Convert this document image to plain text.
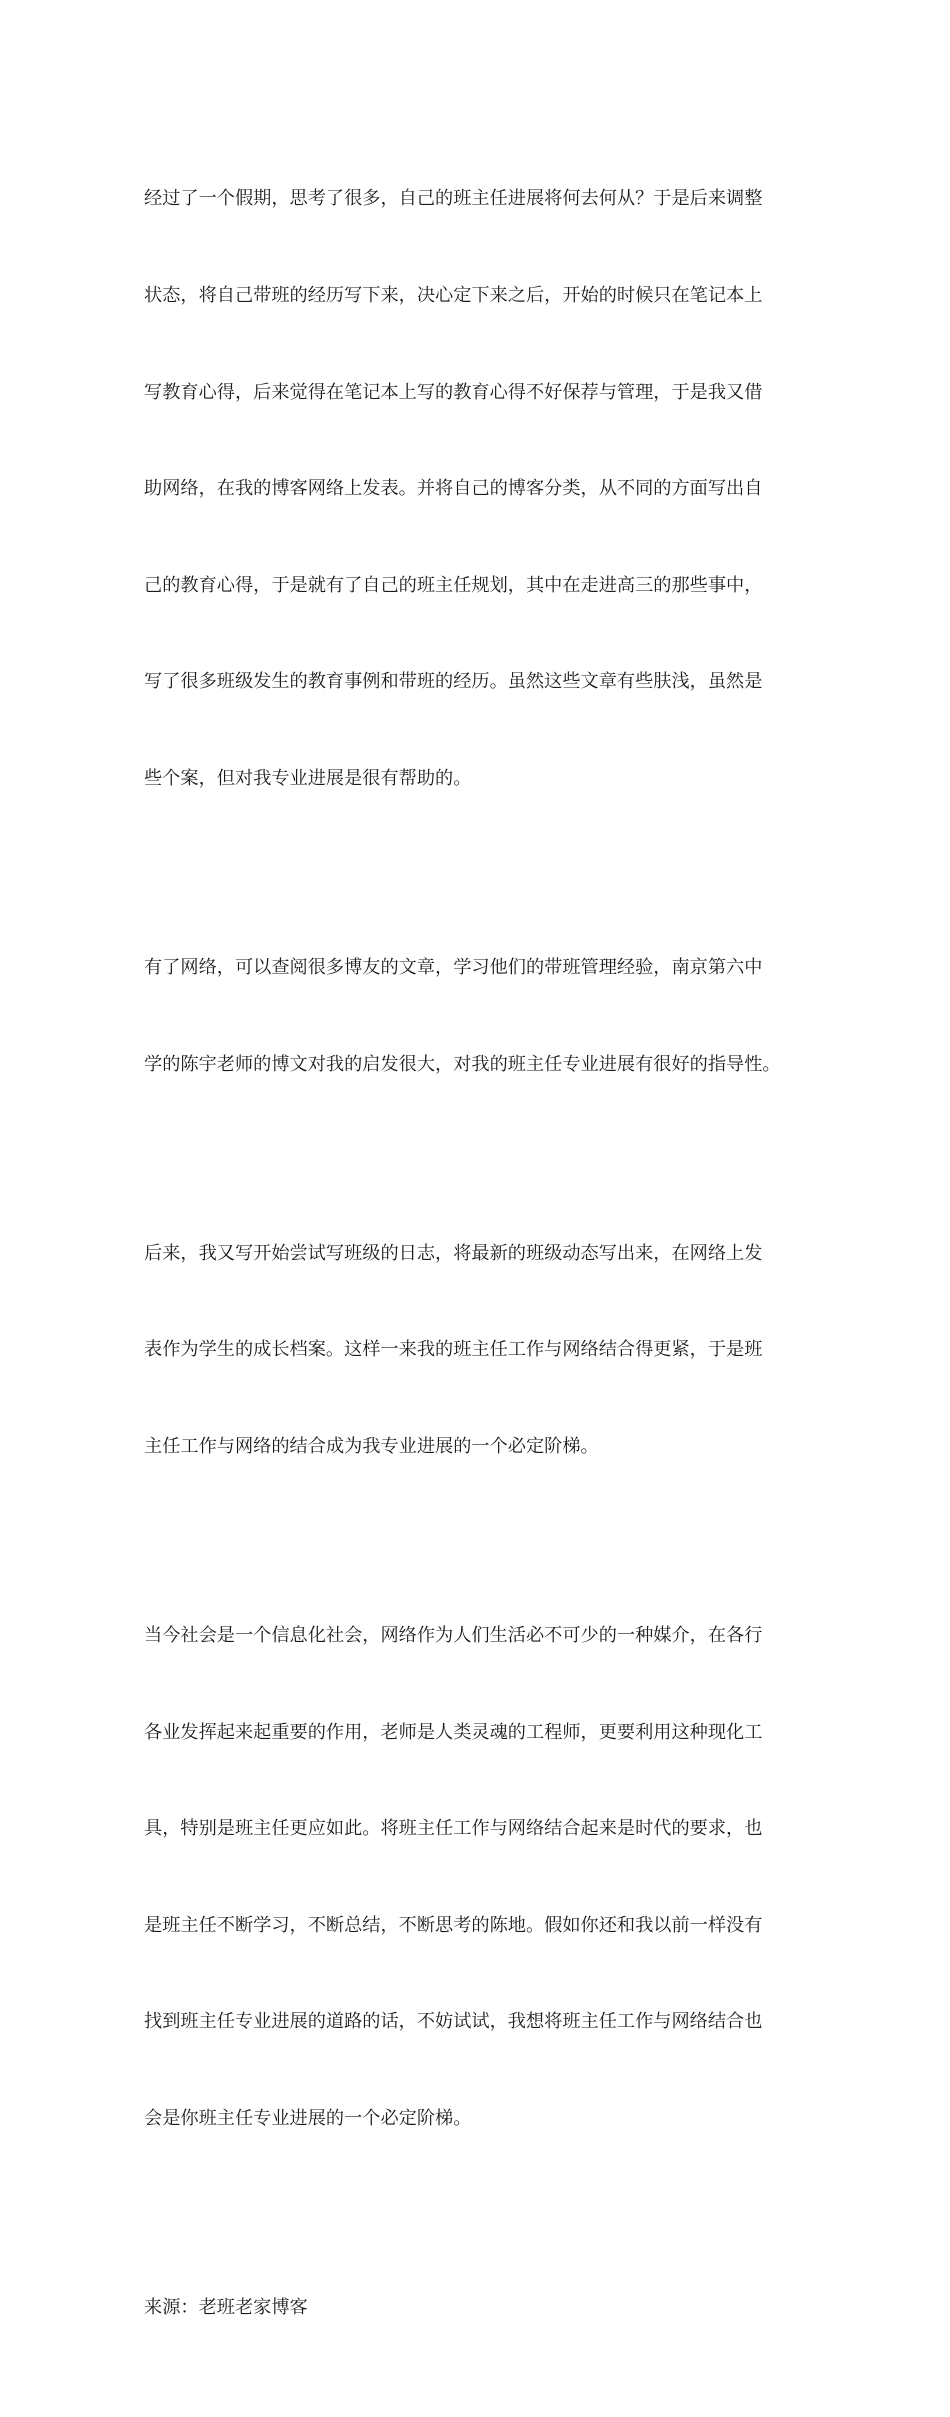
经过了一个假期，思考了很多，自己的班主任进展将何去何从？于是后来调整

状态，将自己带班的经历写下来，决心定下来之后，开始的时候只在笔记本上

写教育心得，后来觉得在笔记本上写的教育心得不好保荐与管理，于是我又借

助网络，在我的博客网络上发表。并将自己的博客分类，从不同的方面写出自

己的教育心得，于是就有了自己的班主任规划，其中在走进高三的那些事中，

写了很多班级发生的教育事例和带班的经历。虽然这些文章有些肤浅，虽然是

些个案，但对我专业进展是很有帮助的。

有了网络，可以查阅很多博友的文章，学习他们的带班管理经验，南京第六中

学的陈宇老师的博文对我的启发很大，对我的班主任专业进展有很好的指导性。

后来，我又写开始尝试写班级的日志，将最新的班级动态写出来，在网络上发

表作为学生的成长档案。这样一来我的班主任工作与网络结合得更紧，于是班

主任工作与网络的结合成为我专业进展的一个必定阶梯。

当今社会是一个信息化社会，网络作为人们生活必不可少的一种媒介，在各行

各业发挥起来起重要的作用，老师是人类灵魂的工程师，更要利用这种现化工

具，特别是班主任更应如此。将班主任工作与网络结合起来是时代的要求，也

是班主任不断学习，不断总结，不断思考的陈地。假如你还和我以前一样没有

找到班主任专业进展的道路的话，不妨试试，我想将班主任工作与网络结合也

会是你班主任专业进展的一个必定阶梯。

来源：老班老家博客
